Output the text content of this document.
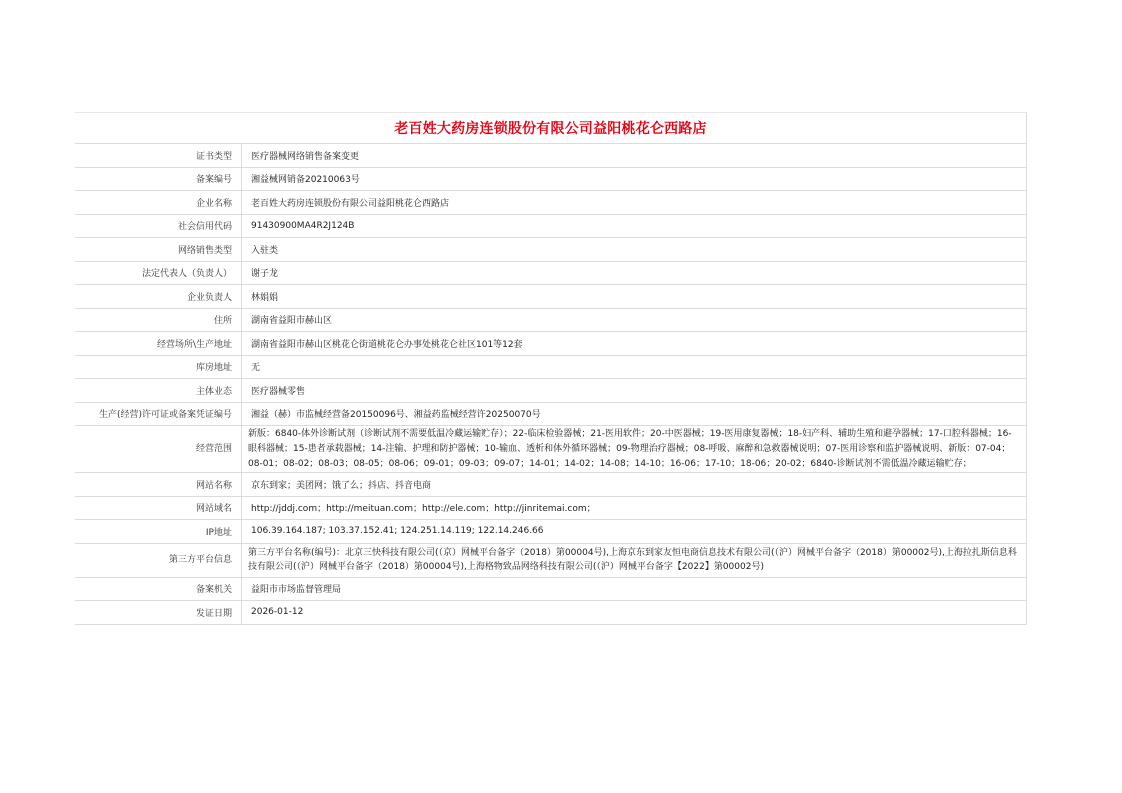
老百姓大药房连锁股份有限公司益阳桃花仑西路店
证书类型	医疗器械网络销售备案变更
备案编号	湘益械网销备20210063号
企业名称	老百姓大药房连锁股份有限公司益阳桃花仑西路店
社会信用代码	91430900MA4R2J124B
网络销售类型	入驻类
法定代表人（负责人）	谢子龙
企业负责人	林娟娟
住所	湖南省益阳市赫山区
经营场所\生产地址	湖南省益阳市赫山区桃花仑街道桃花仑办事处桃花仑社区101等12套
库房地址	无
主体业态	医疗器械零售
生产(经营)许可证或备案凭证编号	湘益（赫）市监械经营备20150096号、湘益药监械经营许20250070号
经营范围	新版：6840-体外诊断试剂（诊断试剂不需要低温冷藏运输贮存）；22-临床检验器械；21-医用软件；20-中医器械；19-医用康复器械；18-妇产科、辅助生殖和避孕器械；17-口腔科器械；16-眼科器械；15-患者承载器械；14-注输、护理和防护器械；10-输血、透析和体外循环器械；09-物理治疗器械；08-呼吸、麻醉和急救器械说明；07-医用诊察和监护器械说明、新版：07-04；08-01；08-02；08-03；08-05；08-06；09-01；09-03；09-07；14-01；14-02；14-08；14-10；16-06；17-10；18-06；20-02；6840-诊断试剂不需低温冷藏运输贮存；
网站名称	京东到家；美团网；饿了么；抖店、抖音电商
网站域名	http://jddj.com；http://meituan.com；http://ele.com；http://jinritemai.com；
IP地址	106.39.164.187; 103.37.152.41; 124.251.14.119; 122.14.246.66
第三方平台信息	第三方平台名称(编号)：北京三快科技有限公司(（京）网械平台备字（2018）第00004号),上海京东到家友恒电商信息技术有限公司(（沪）网械平台备字（2018）第00002号),上海拉扎斯信息科技有限公司(（沪）网械平台备字（2018）第00004号),上海格物致品网络科技有限公司(（沪）网械平台备字【2022】第00002号)
备案机关	益阳市市场监督管理局
发证日期	2026-01-12
